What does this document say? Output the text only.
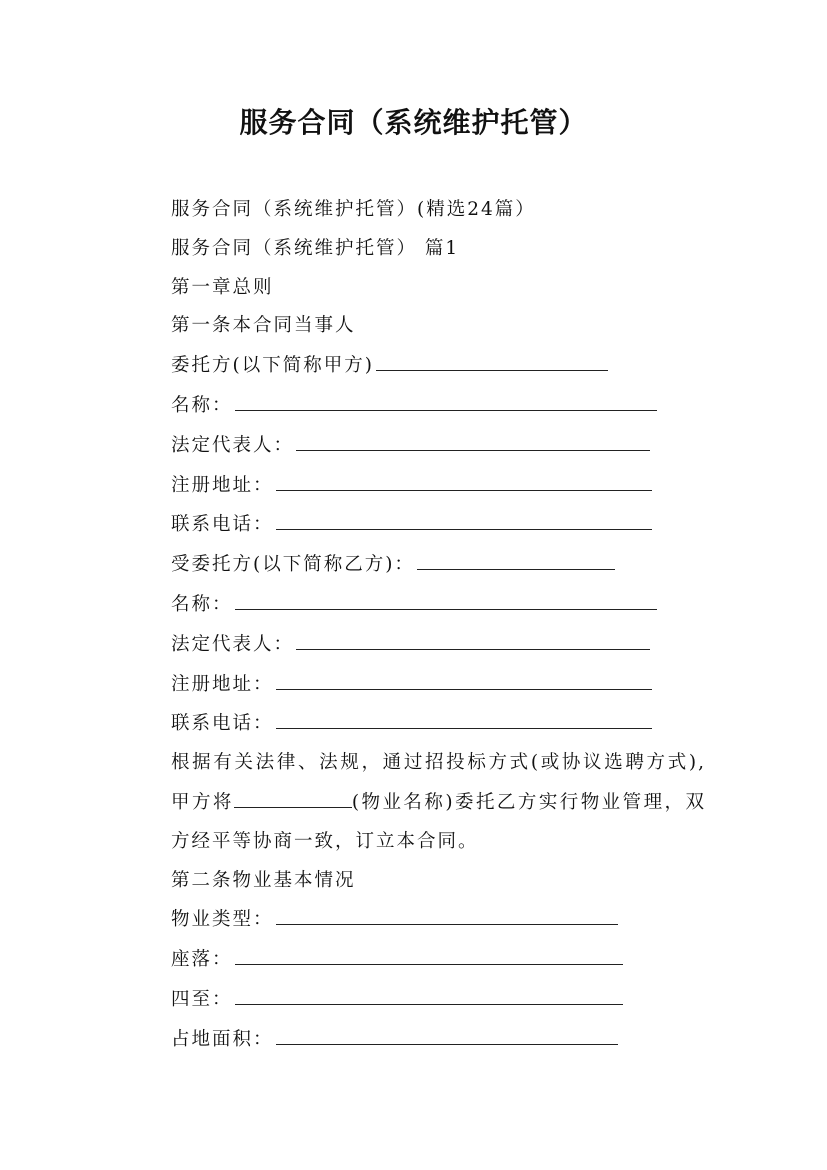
服务合同（系统维护托管）

服务合同（系统维护托管）(精选24篇）

服务合同（系统维护托管） 篇1

第一章总则

第一条本合同当事人

委托方(以下简称甲方)

名称：

法定代表人：

注册地址：

联系电话：

受委托方(以下简称乙方)：

名称：

法定代表人：

注册地址：

联系电话：

根据有关法律、法规，通过招投标方式(或协议选聘方式),甲方将	(物业名称)委托乙方实行物业管理，双方经平等协商一致，订立本合同。

第二条物业基本情况

物业类型：

座落：

四至：

占地面积：
